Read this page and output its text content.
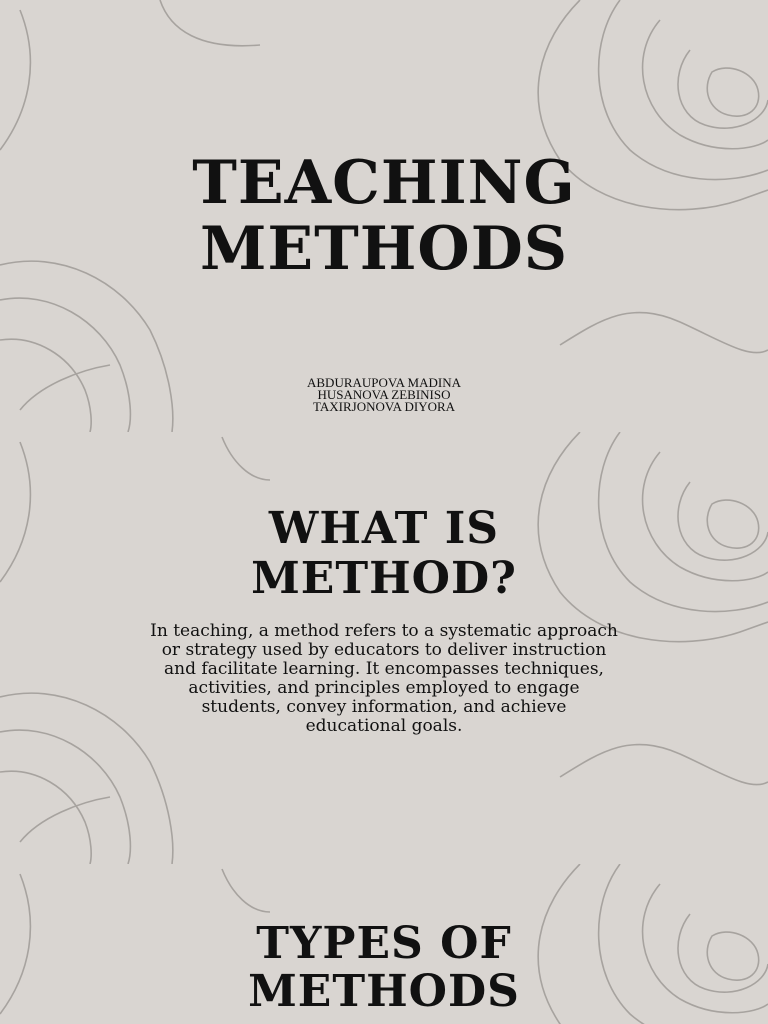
TEACHING
METHODS
ABDURAUPOVA MADINA
HUSANOVA ZEBINISO
TAXIRJONOVA DIYORA
WHAT IS
METHOD?
In teaching, a method refers to a systematic approach
or strategy used by educators to deliver instruction
and facilitate learning. It encompasses techniques,
activities, and principles employed to engage
students, convey information, and achieve
educational goals.
TYPES OF
METHODS
